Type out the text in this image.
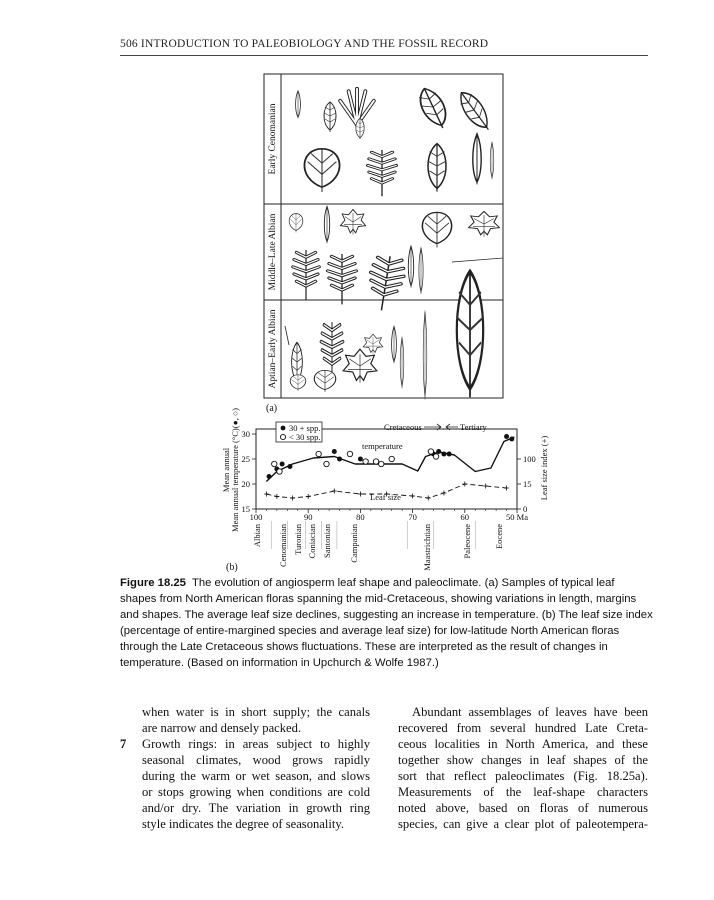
506 INTRODUCTION TO PALEOBIOLOGY AND THE FOSSIL RECORD
Early Cenomanian
Middle–Late Albian
Aptian–Early Albian
(a)
100	90	80	70	60	50 Ma
15
20
25
30
0
15
100
Albian Cenomanian Turonian Coniacian Santonian Campanian	Maastrichtian	Paleocene	Eocene
30 + spp.
< 30 spp.
Cretaceous	Tertiary
temperature
Leaf size
Mean annual Mean annual temperature (°C)(●, ○)	Leaf size index (+)
(b)
Figure 18.25 The evolution of angiosperm leaf shape and paleoclimate. (a) Samples of typical leaf
shapes from North American floras spanning the mid-Cretaceous, showing variations in length, margins
and shapes. The average leaf size declines, suggesting an increase in temperature. (b) The leaf size index
(percentage of entire-margined species and average leaf size) for low-latitude North American floras
through the Late Cretaceous shows fluctuations. These are interpreted as the result of changes in
temperature. (Based on information in Upchurch & Wolfe 1987.)
when water is in short supply; the canals
are narrow and densely packed.
7 Growth rings: in areas subject to highly
seasonal climates, wood grows rapidly
during the warm or wet season, and slows
or stops growing when conditions are cold
and/or dry. The variation in growth ring
style indicates the degree of seasonality.
Abundant assemblages of leaves have been
recovered from several hundred Late Creta-
ceous localities in North America, and these
together show changes in leaf shapes of the
sort that reflect paleoclimates (Fig. 18.25a).
Measurements of the leaf-shape characters
noted above, based on floras of numerous
species, can give a clear plot of paleotempera-
